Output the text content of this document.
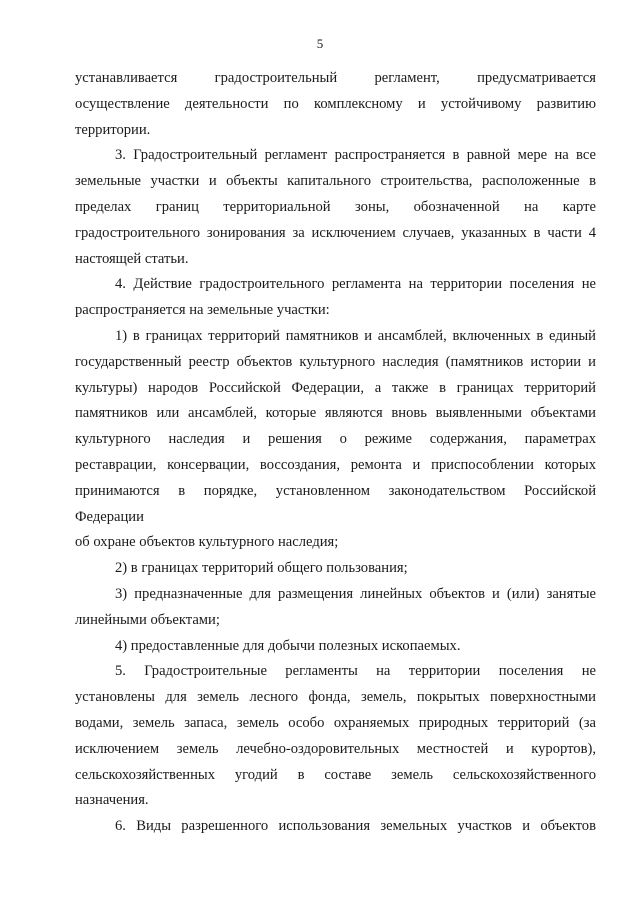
5

устанавливается градостроительный регламент, предусматривается
осуществление деятельности по комплексному и устойчивому развитию
территории.

3. Градостроительный регламент распространяется в равной мере на все
земельные участки и объекты капитального строительства, расположенные в
пределах границ территориальной зоны, обозначенной на карте
градостроительного зонирования за исключением случаев, указанных в части 4
настоящей статьи.

4. Действие градостроительного регламента на территории поселения не
распространяется на земельные участки:

1) в границах территорий памятников и ансамблей, включенных в единый
государственный реестр объектов культурного наследия (памятников истории и
культуры) народов Российской Федерации, а также в границах территорий
памятников или ансамблей, которые являются вновь выявленными объектами
культурного наследия и решения о режиме содержания, параметрах
реставрации, консервации, воссоздания, ремонта и приспособлении которых
принимаются в порядке, установленном законодательством Российской
Федерации

об охране объектов культурного наследия;

2) в границах территорий общего пользования;

3) предназначенные для размещения линейных объектов и (или) занятые
линейными объектами;

4) предоставленные для добычи полезных ископаемых.

5. Градостроительные регламенты на территории поселения не
установлены для земель лесного фонда, земель, покрытых поверхностными
водами, земель запаса, земель особо охраняемых природных территорий (за
исключением земель лечебно-оздоровительных местностей и курортов),
сельскохозяйственных угодий в составе земель сельскохозяйственного
назначения.

6. Виды разрешенного использования земельных участков и объектов
